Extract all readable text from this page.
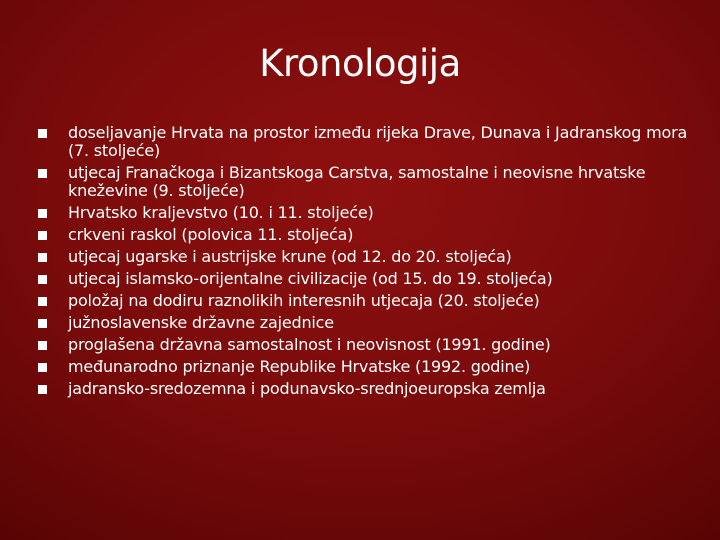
Kronologija
doseljavanje Hrvata na prostor između rijeka Drave, Dunava i Jadranskog mora (7. stoljeće)
utjecaj Franačkoga i Bizantskoga Carstva, samostalne i neovisne hrvatske kneževine (9. stoljeće)
Hrvatsko kraljevstvo (10. i 11. stoljeće)
crkveni raskol (polovica 11. stoljeća)
utjecaj ugarske i austrijske krune (od 12. do 20. stoljeća)
utjecaj islamsko-orijentalne civilizacije (od 15. do 19. stoljeća)
položaj na dodiru raznolikih interesnih utjecaja (20. stoljeće)
južnoslavenske državne zajednice
proglašena državna samostalnost i neovisnost (1991. godine)
međunarodno priznanje Republike Hrvatske (1992. godine)
jadransko-sredozemna i podunavsko-srednjoeuropska zemlja
